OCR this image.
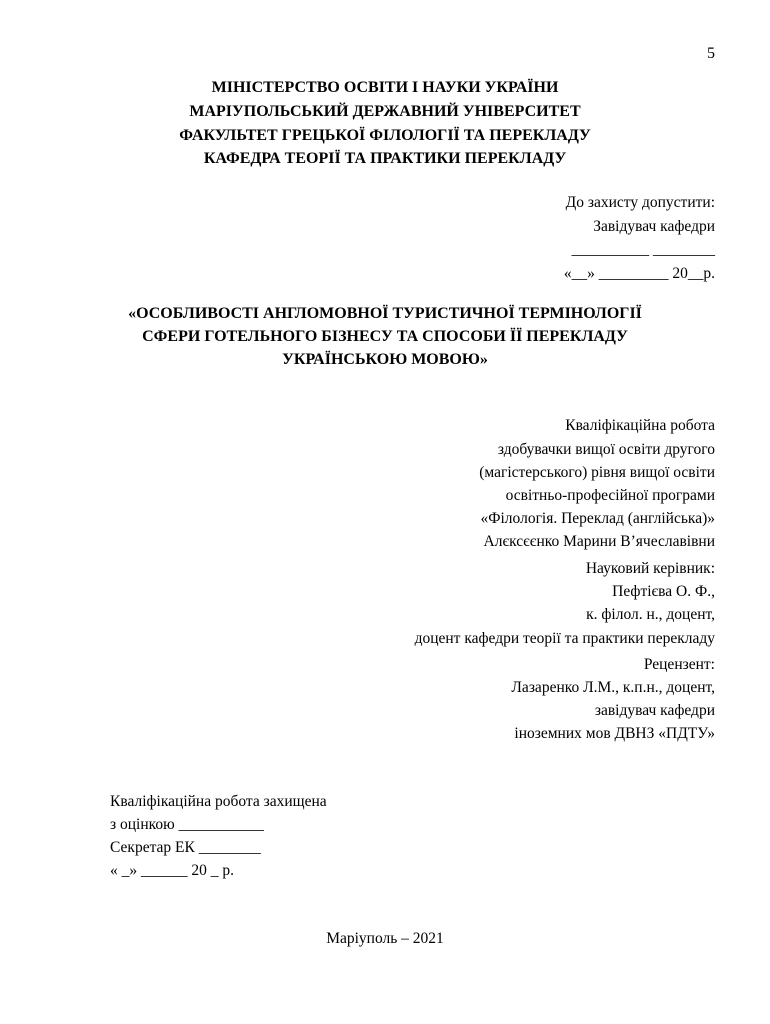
5
МІНІСТЕРСТВО ОСВІТИ І НАУКИ УКРАЇНИ
МАРІУПОЛЬСЬКИЙ ДЕРЖАВНИЙ УНІВЕРСИТЕТ
ФАКУЛЬТЕТ ГРЕЦЬКОЇ ФІЛОЛОГІЇ ТА ПЕРЕКЛАДУ
КАФЕДРА ТЕОРІЇ ТА ПРАКТИКИ ПЕРЕКЛАДУ
До захисту допустити:
Завідувач кафедри
__________ ________
«__» _________ 20__р.
«ОСОБЛИВОСТІ АНГЛОМОВНОЇ ТУРИСТИЧНОЇ ТЕРМІНОЛОГІЇ
СФЕРИ ГОТЕЛЬНОГО БІЗНЕСУ ТА СПОСОБИ ЇЇ ПЕРЕКЛАДУ
УКРАЇНСЬКОЮ МОВОЮ»
Кваліфікаційна робота
здобувачки вищої освіти другого
(магістерського) рівня вищої освіти
освітньо-професійної програми
«Філологія. Переклад (англійська)»
Алєксєєнко Марини В’ячеславівни
Науковий керівник:
Пефтієва О. Ф.,
к. філол. н., доцент,
доцент кафедри теорії та практики перекладу
Рецензент:
Лазаренко Л.М., к.п.н., доцент,
завідувач кафедри
іноземних мов ДВНЗ «ПДТУ»
Кваліфікаційна робота захищена
з оцінкою ___________
Секретар ЕК ________
« _» ______ 20 _ р.
Маріуполь – 2021
